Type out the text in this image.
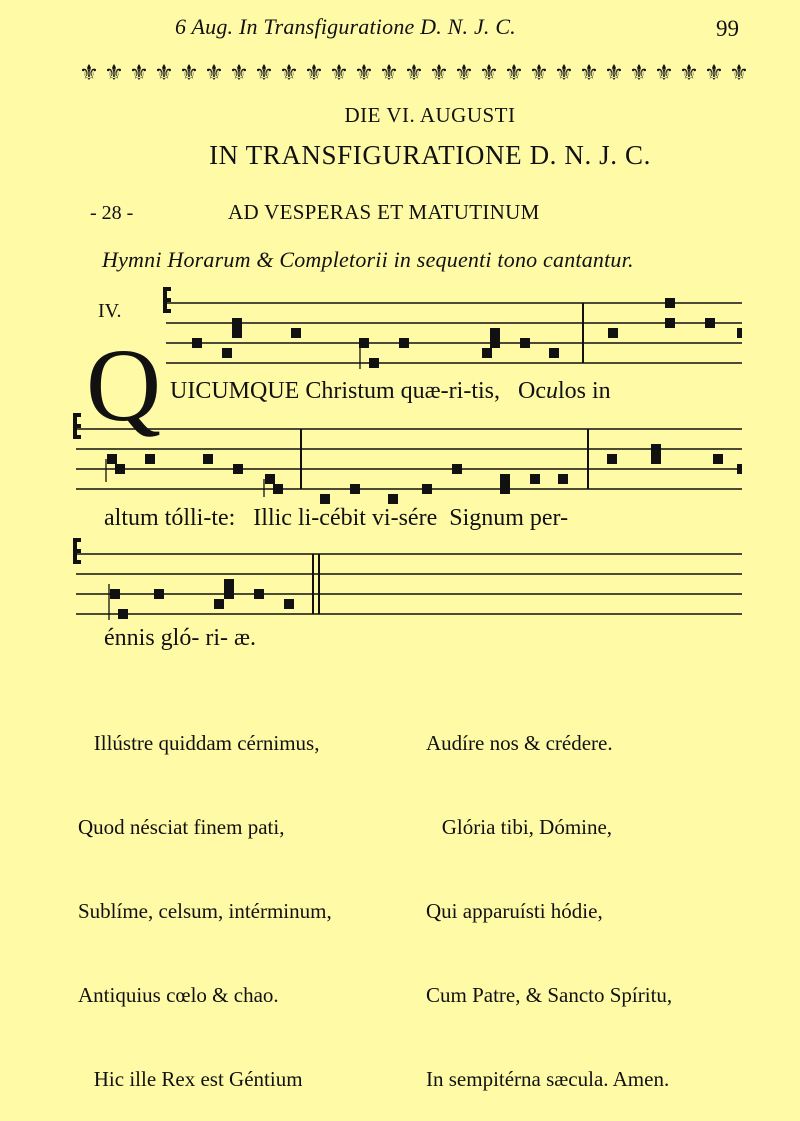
6 Aug. In Transfiguratione D. N. J. C.	99
⚜ ⚜ ⚜ ⚜ ⚜ ⚜ ⚜ ⚜ ⚜ ⚜ ⚜ ⚜ ⚜ ⚜ ⚜ ⚜ ⚜ ⚜ ⚜ ⚜ ⚜ ⚜ ⚜ ⚜ ⚜ ⚜ ⚜
DIE VI. AUGUSTI
IN TRANSFIGURATIONE D. N. J. C.
- 28 -	AD VESPERAS ET MATUTINUM
Hymni Horarum & Completorii in sequenti tono cantantur.
IV.
Q UICUMQUE Christum quæ-ri-tis,   Oculos in
altum tólli-te:   Illic li-cébit vi-sére  Signum per-
énnis gló- ri- æ.

Illústre quiddam cérnimus,

Quod nésciat finem pati,

Sublíme, celsum, intérminum,

Antiquius cœlo & chao.

Hic ille Rex est Géntium

Audíre nos & crédere.

Glória tibi, Dómine,

Qui apparuísti hódie,

Cum Patre, & Sancto Spíritu,

In sempitérna sæcula. Amen.
